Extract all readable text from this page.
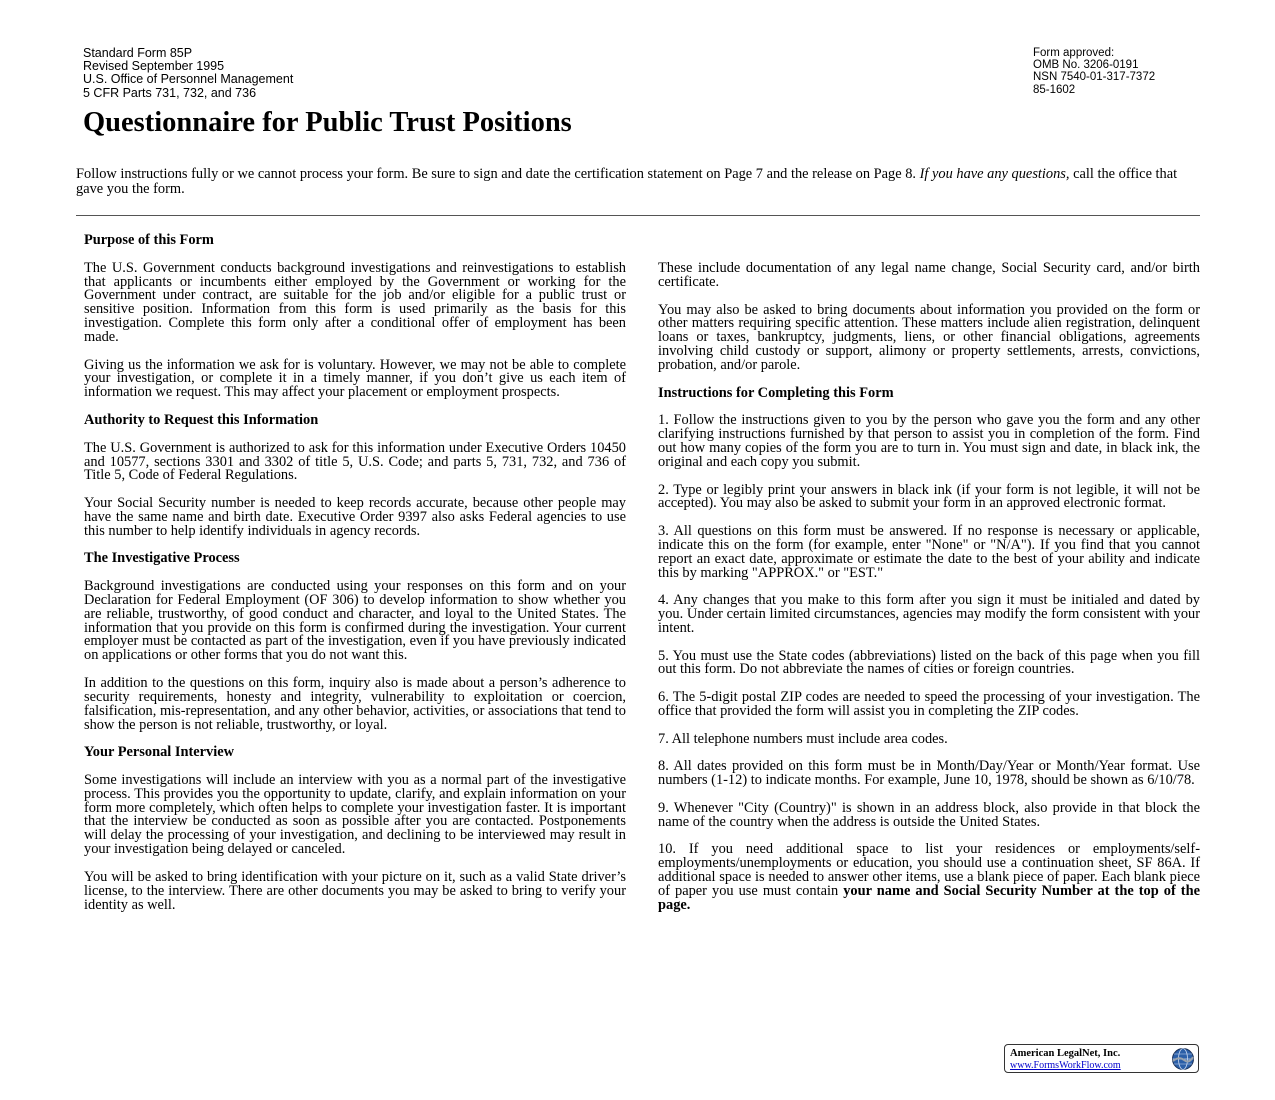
Standard Form 85P
Revised September 1995
U.S. Office of Personnel Management
5 CFR Parts 731, 732, and 736
Form approved:
OMB No. 3206-0191
NSN 7540-01-317-7372
85-1602
Questionnaire for Public Trust Positions

Follow instructions fully or we cannot process your form. Be sure to sign and date the certification statement on Page 7 and the release on Page 8. If you have any questions, call the office that gave you the form.

Purpose of this Form

The U.S. Government conducts background investigations and reinvestigations to establish that applicants or incumbents either employed by the Government or working for the Government under contract, are suitable for the job and/or eligible for a public trust or sensitive position. Information from this form is used primarily as the basis for this investigation. Complete this form only after a conditional offer of employment has been made.

Giving us the information we ask for is voluntary. However, we may not be able to complete your investigation, or complete it in a timely manner, if you don’t give us each item of information we request. This may affect your placement or employment prospects.

Authority to Request this Information

The U.S. Government is authorized to ask for this information under Executive Orders 10450 and 10577, sections 3301 and 3302 of title 5, U.S. Code; and parts 5, 731, 732, and 736 of Title 5, Code of Federal Regulations.

Your Social Security number is needed to keep records accurate, because other people may have the same name and birth date. Executive Order 9397 also asks Federal agencies to use this number to help identify individuals in agency records.

The Investigative Process

Background investigations are conducted using your responses on this form and on your Declaration for Federal Employment (OF 306) to develop information to show whether you are reliable, trustworthy, of good conduct and character, and loyal to the United States. The information that you provide on this form is confirmed during the investigation. Your current employer must be contacted as part of the investigation, even if you have previously indicated on applications or other forms that you do not want this.

In addition to the questions on this form, inquiry also is made about a person’s adherence to security requirements, honesty and integrity, vulnerability to exploitation or coercion, falsification, mis-representation, and any other behavior, activities, or associations that tend to show the person is not reliable, trustworthy, or loyal.

Your Personal Interview

Some investigations will include an interview with you as a normal part of the investigative process. This provides you the opportunity to update, clarify, and explain information on your form more completely, which often helps to complete your investigation faster. It is important that the interview be conducted as soon as possible after you are contacted. Postponements will delay the processing of your investigation, and declining to be interviewed may result in your investigation being delayed or canceled.

You will be asked to bring identification with your picture on it, such as a valid State driver’s license, to the interview. There are other documents you may be asked to bring to verify your identity as well.

These include documentation of any legal name change, Social Security card, and/or birth certificate.

You may also be asked to bring documents about information you provided on the form or other matters requiring specific attention. These matters include alien registration, delinquent loans or taxes, bankruptcy, judgments, liens, or other financial obligations, agreements involving child custody or support, alimony or property settlements, arrests, convictions, probation, and/or parole.

Instructions for Completing this Form

1. Follow the instructions given to you by the person who gave you the form and any other clarifying instructions furnished by that person to assist you in completion of the form. Find out how many copies of the form you are to turn in. You must sign and date, in black ink, the original and each copy you submit.

2. Type or legibly print your answers in black ink (if your form is not legible, it will not be accepted). You may also be asked to submit your form in an approved electronic format.

3. All questions on this form must be answered. If no response is necessary or applicable, indicate this on the form (for example, enter "None" or "N/A"). If you find that you cannot report an exact date, approximate or estimate the date to the best of your ability and indicate this by marking "APPROX." or "EST."

4. Any changes that you make to this form after you sign it must be initialed and dated by you. Under certain limited circumstances, agencies may modify the form consistent with your intent.

5. You must use the State codes (abbreviations) listed on the back of this page when you fill out this form. Do not abbreviate the names of cities or foreign countries.

6. The 5-digit postal ZIP codes are needed to speed the processing of your investigation. The office that provided the form will assist you in completing the ZIP codes.

7. All telephone numbers must include area codes.

8. All dates provided on this form must be in Month/Day/Year or Month/Year format. Use numbers (1-12) to indicate months. For example, June 10, 1978, should be shown as 6/10/78.

9. Whenever "City (Country)" is shown in an address block, also provide in that block the name of the country when the address is outside the United States.

10. If you need additional space to list your residences or employments/self-employments/unemployments or education, you should use a continuation sheet, SF 86A. If additional space is needed to answer other items, use a blank piece of paper. Each blank piece of paper you use must contain your name and Social Security Number at the top of the page.

American LegalNet, Inc.
www.FormsWorkFlow.com
